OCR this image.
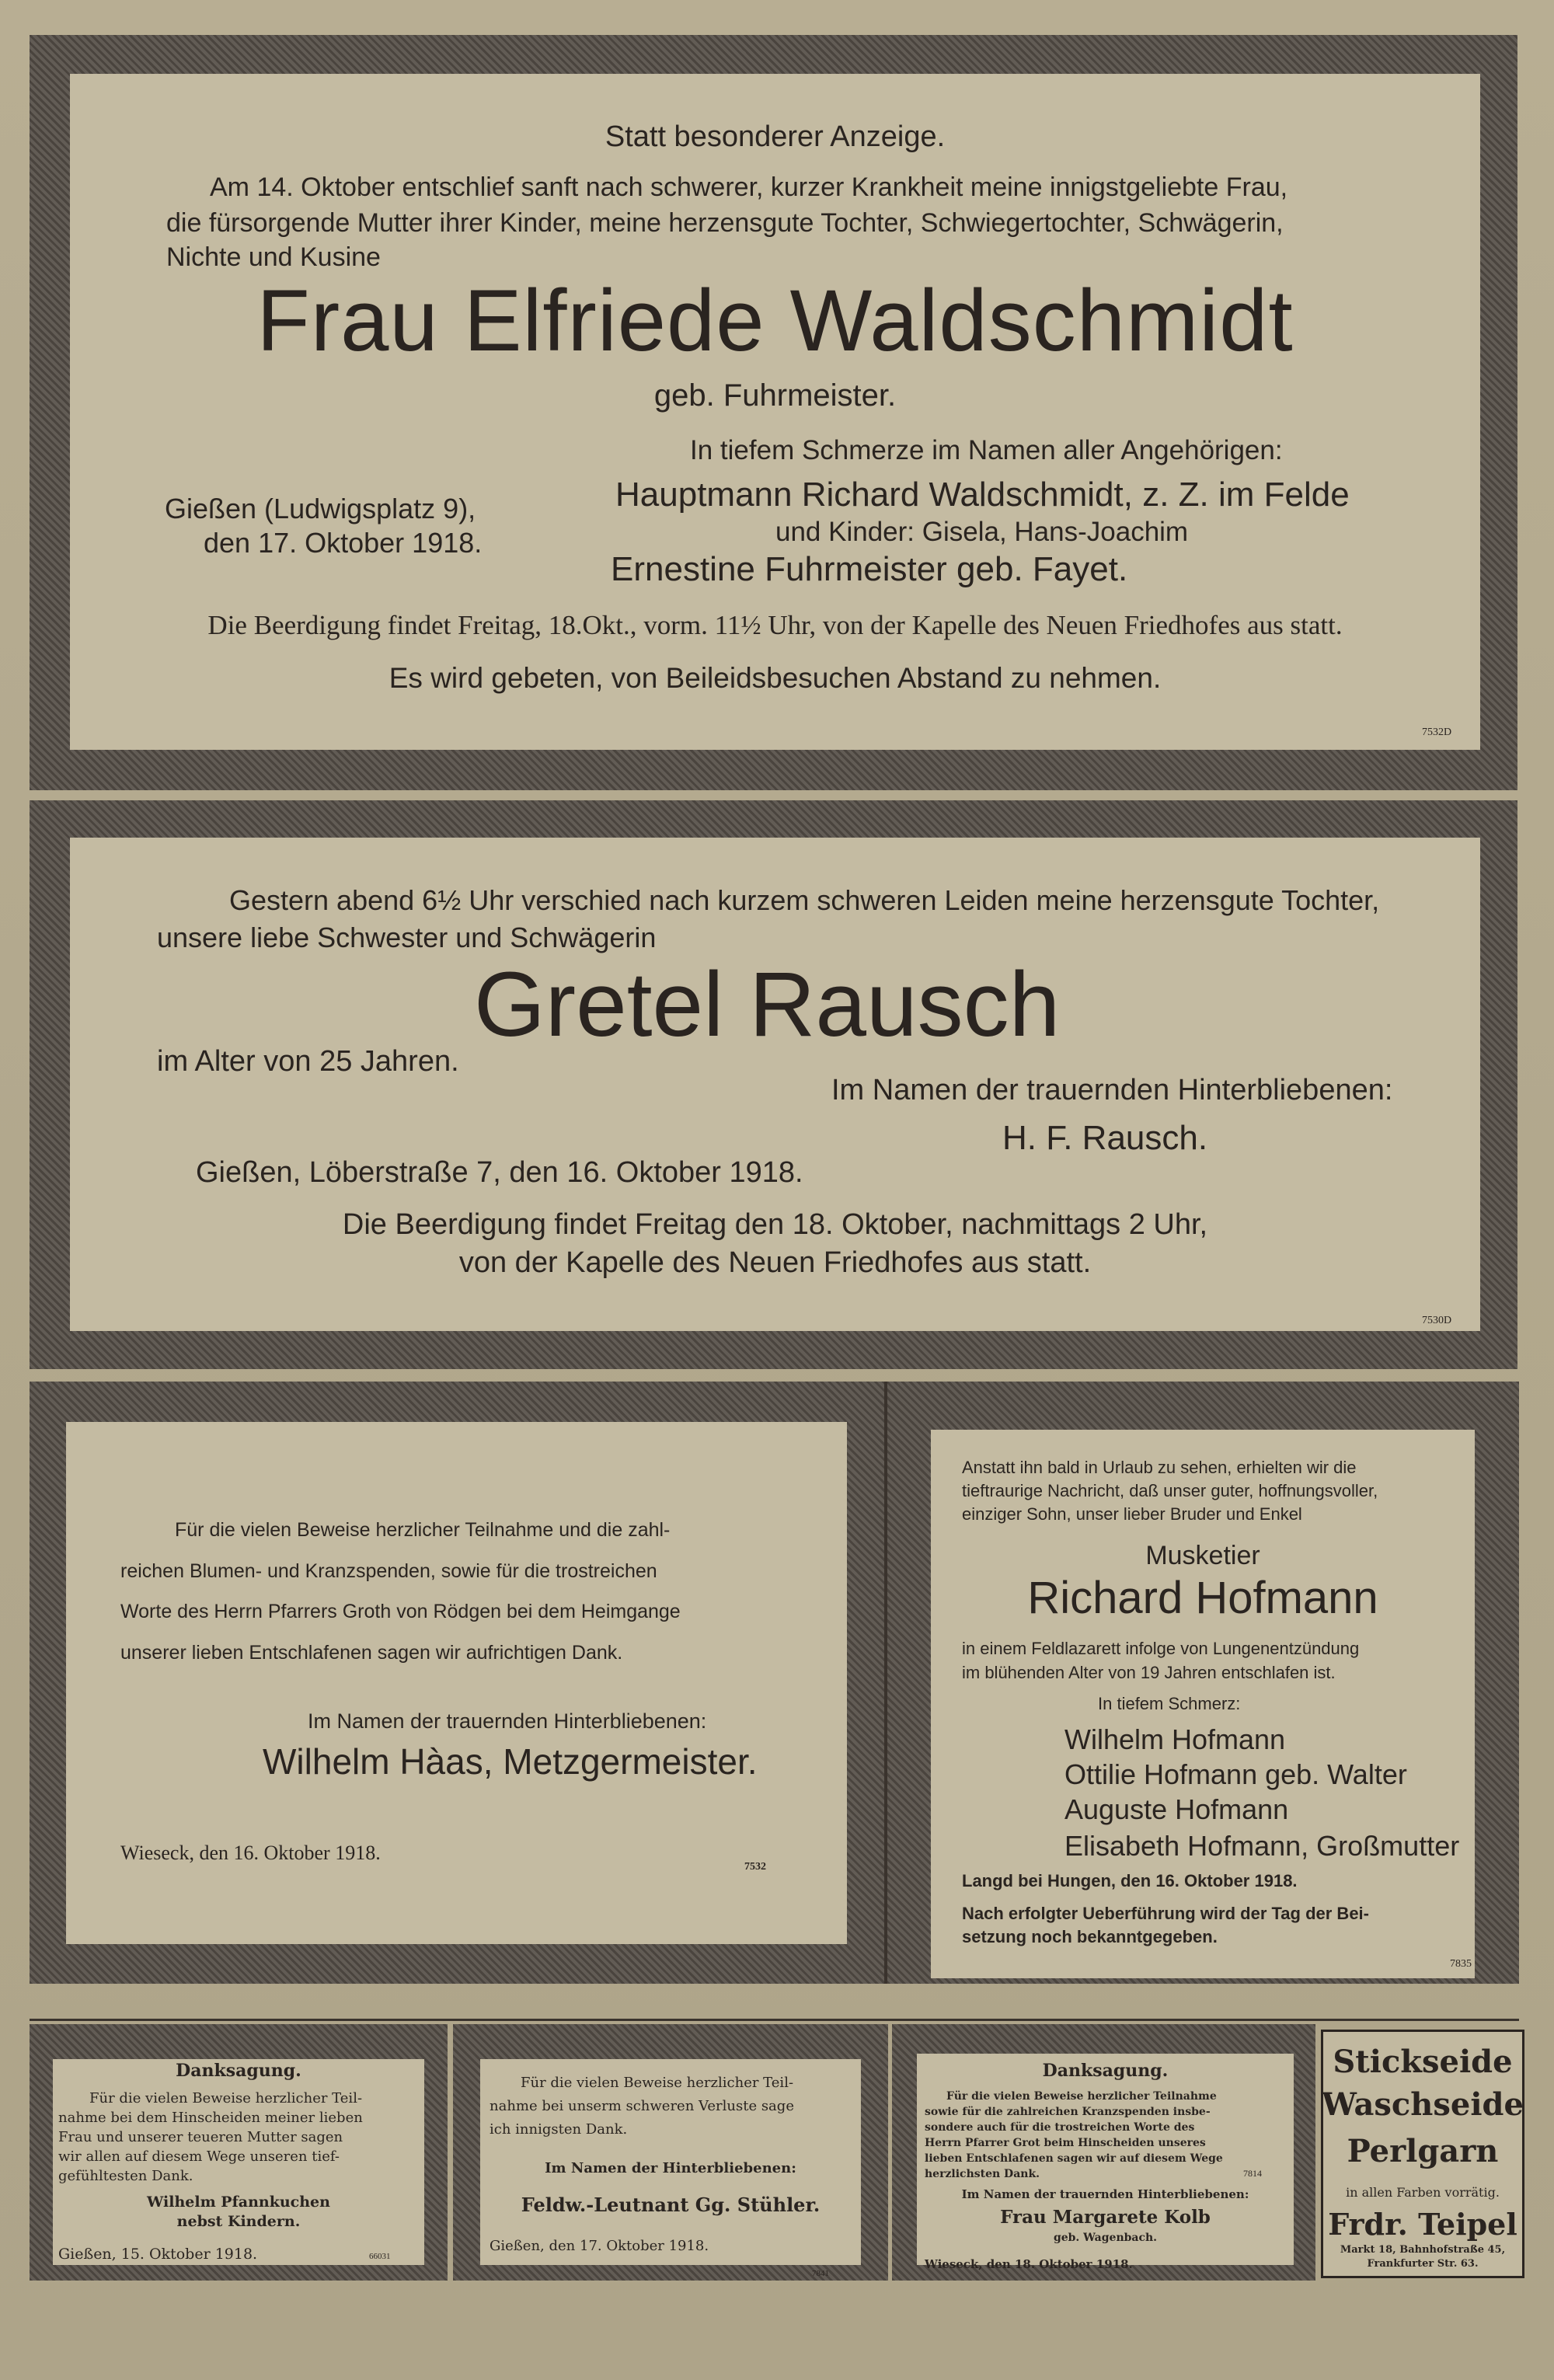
Statt besonderer Anzeige.
Am 14. Oktober entschlief sanft nach schwerer, kurzer Krankheit meine innigstgeliebte Frau,
die fürsorgende Mutter ihrer Kinder, meine herzensgute Tochter, Schwiegertochter, Schwägerin,
Nichte und Kusine
Frau Elfriede Waldschmidt
geb. Fuhrmeister.
In tiefem Schmerze im Namen aller Angehörigen:
Gießen (Ludwigsplatz 9),
den 17. Oktober 1918.
Hauptmann Richard Waldschmidt, z. Z. im Felde
und Kinder: Gisela, Hans-Joachim
Ernestine Fuhrmeister geb. Fayet.
Die Beerdigung findet Freitag, 18.Okt., vorm. 11½ Uhr, von der Kapelle des Neuen Friedhofes aus statt.
Es wird gebeten, von Beileidsbesuchen Abstand zu nehmen.
7532D
Gestern abend 6½ Uhr verschied nach kurzem schweren Leiden meine herzensgute Tochter,
unsere liebe Schwester und Schwägerin
Gretel Rausch
im Alter von 25 Jahren.
Im Namen der trauernden Hinterbliebenen:
H. F. Rausch.
Gießen, Löberstraße 7, den 16. Oktober 1918.
Die Beerdigung findet Freitag den 18. Oktober, nachmittags 2 Uhr,
von der Kapelle des Neuen Friedhofes aus statt.
7530D
Für die vielen Beweise herzlicher Teilnahme und die zahl-
reichen Blumen- und Kranzspenden, sowie für die trostreichen
Worte des Herrn Pfarrers Groth von Rödgen bei dem Heimgange
unserer lieben Entschlafenen sagen wir aufrichtigen Dank.
Im Namen der trauernden Hinterbliebenen:
Wilhelm Hàas, Metzgermeister.
Wieseck, den 16. Oktober 1918.
7532
Anstatt ihn bald in Urlaub zu sehen, erhielten wir die
tieftraurige Nachricht, daß unser guter, hoffnungsvoller,
einziger Sohn, unser lieber Bruder und Enkel
Musketier
Richard Hofmann
in einem Feldlazarett infolge von Lungenentzündung
im blühenden Alter von 19 Jahren entschlafen ist.
In tiefem Schmerz:
Wilhelm Hofmann
Ottilie Hofmann geb. Walter
Auguste Hofmann
Elisabeth Hofmann, Großmutter
Langd bei Hungen, den 16. Oktober 1918.
Nach erfolgter Ueberführung wird der Tag der Bei-
setzung noch bekanntgegeben.
7835
Danksagung.
Für die vielen Beweise herzlicher Teil-
nahme bei dem Hinscheiden meiner lieben
Frau und unserer teueren Mutter sagen
wir allen auf diesem Wege unseren tief-
gefühltesten Dank.
Wilhelm Pfannkuchen
nebst Kindern.
Gießen, 15. Oktober 1918.	66031
Für die vielen Beweise herzlicher Teil-
nahme bei unserm schweren Verluste sage
ich innigsten Dank.
Im Namen der Hinterbliebenen:
Feldw.-Leutnant Gg. Stühler.
Gießen, den 17. Oktober 1918.
7841
Danksagung.
Für die vielen Beweise herzlicher Teilnahme
sowie für die zahlreichen Kranzspenden insbe-
sondere auch für die trostreichen Worte des
Herrn Pfarrer Grot beim Hinscheiden unseres
lieben Entschlafenen sagen wir auf diesem Wege
herzlichsten Dank.	7814
Im Namen der trauernden Hinterbliebenen:
Frau Margarete Kolb
geb. Wagenbach.
Wieseck, den 18. Oktober 1918.
Stickseide
Waschseide
Perlgarn
in allen Farben vorrätig.
Frdr. Teipel
Markt 18, Bahnhofstraße 45,
Frankfurter Str. 63.
